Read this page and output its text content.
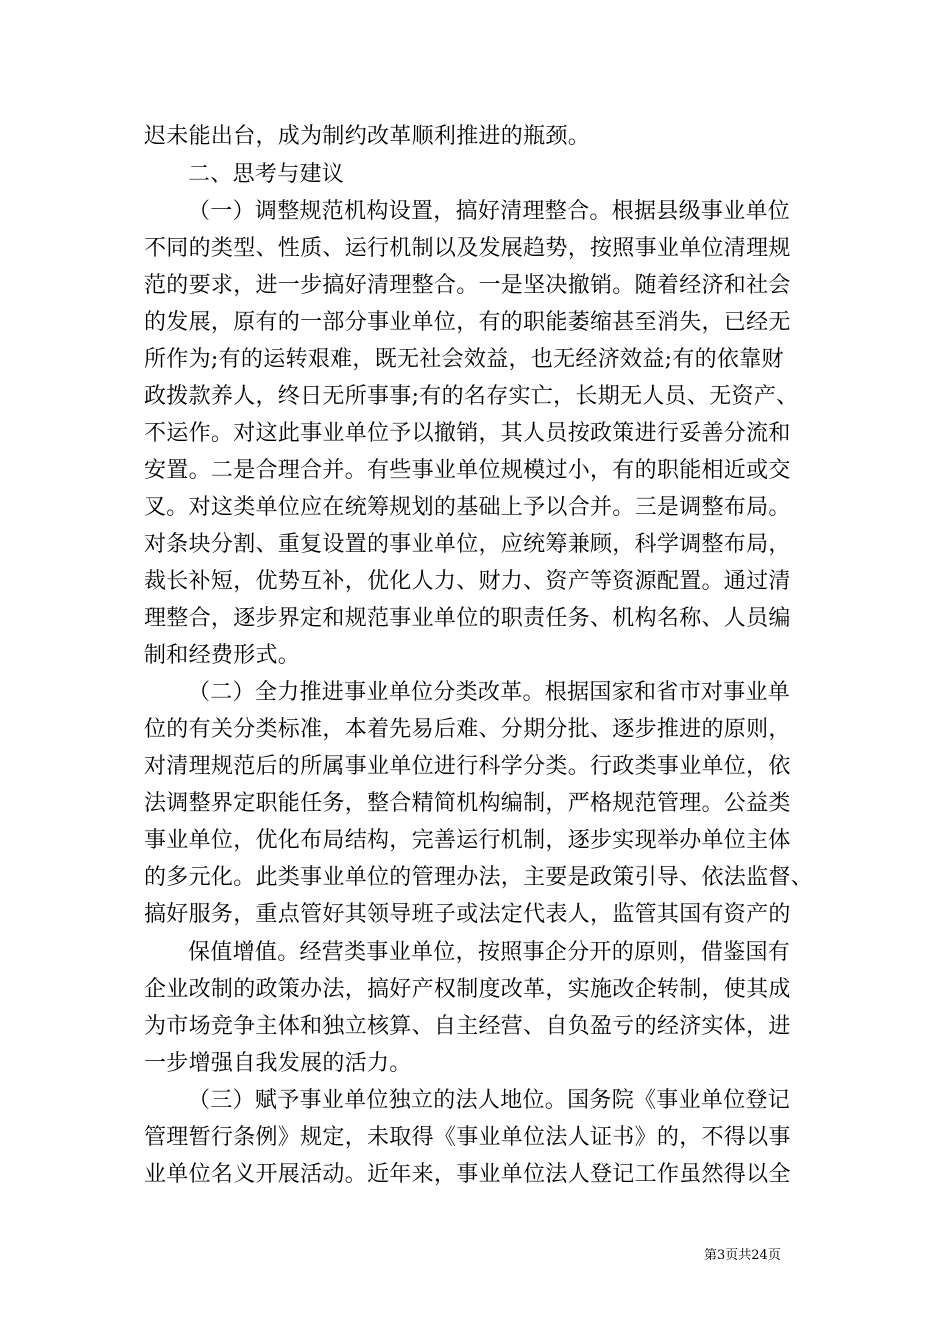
迟未能出台，成为制约改革顺利推进的瓶颈。
二、思考与建议
（一）调整规范机构设置，搞好清理整合。根据县级事业单位
不同的类型、性质、运行机制以及发展趋势，按照事业单位清理规
范的要求，进一步搞好清理整合。一是坚决撤销。随着经济和社会
的发展，原有的一部分事业单位，有的职能萎缩甚至消失，已经无
所作为;有的运转艰难，既无社会效益，也无经济效益;有的依靠财
政拨款养人，终日无所事事;有的名存实亡，长期无人员、无资产、
不运作。对这此事业单位予以撤销，其人员按政策进行妥善分流和
安置。二是合理合并。有些事业单位规模过小，有的职能相近或交
叉。对这类单位应在统筹规划的基础上予以合并。三是调整布局。
对条块分割、重复设置的事业单位，应统筹兼顾，科学调整布局，
裁长补短，优势互补，优化人力、财力、资产等资源配置。通过清
理整合，逐步界定和规范事业单位的职责任务、机构名称、人员编
制和经费形式。
（二）全力推进事业单位分类改革。根据国家和省市对事业单
位的有关分类标准，本着先易后难、分期分批、逐步推进的原则，
对清理规范后的所属事业单位进行科学分类。行政类事业单位，依
法调整界定职能任务，整合精简机构编制，严格规范管理。公益类
事业单位，优化布局结构，完善运行机制，逐步实现举办单位主体
的多元化。此类事业单位的管理办法，主要是政策引导、依法监督、
搞好服务，重点管好其领导班子或法定代表人，监管其国有资产的
保值增值。经营类事业单位，按照事企分开的原则，借鉴国有
企业改制的政策办法，搞好产权制度改革，实施改企转制，使其成
为市场竞争主体和独立核算、自主经营、自负盈亏的经济实体，进
一步增强自我发展的活力。
（三）赋予事业单位独立的法人地位。国务院《事业单位登记
管理暂行条例》规定，未取得《事业单位法人证书》的，不得以事
业单位名义开展活动。近年来，事业单位法人登记工作虽然得以全
第3页共24页
